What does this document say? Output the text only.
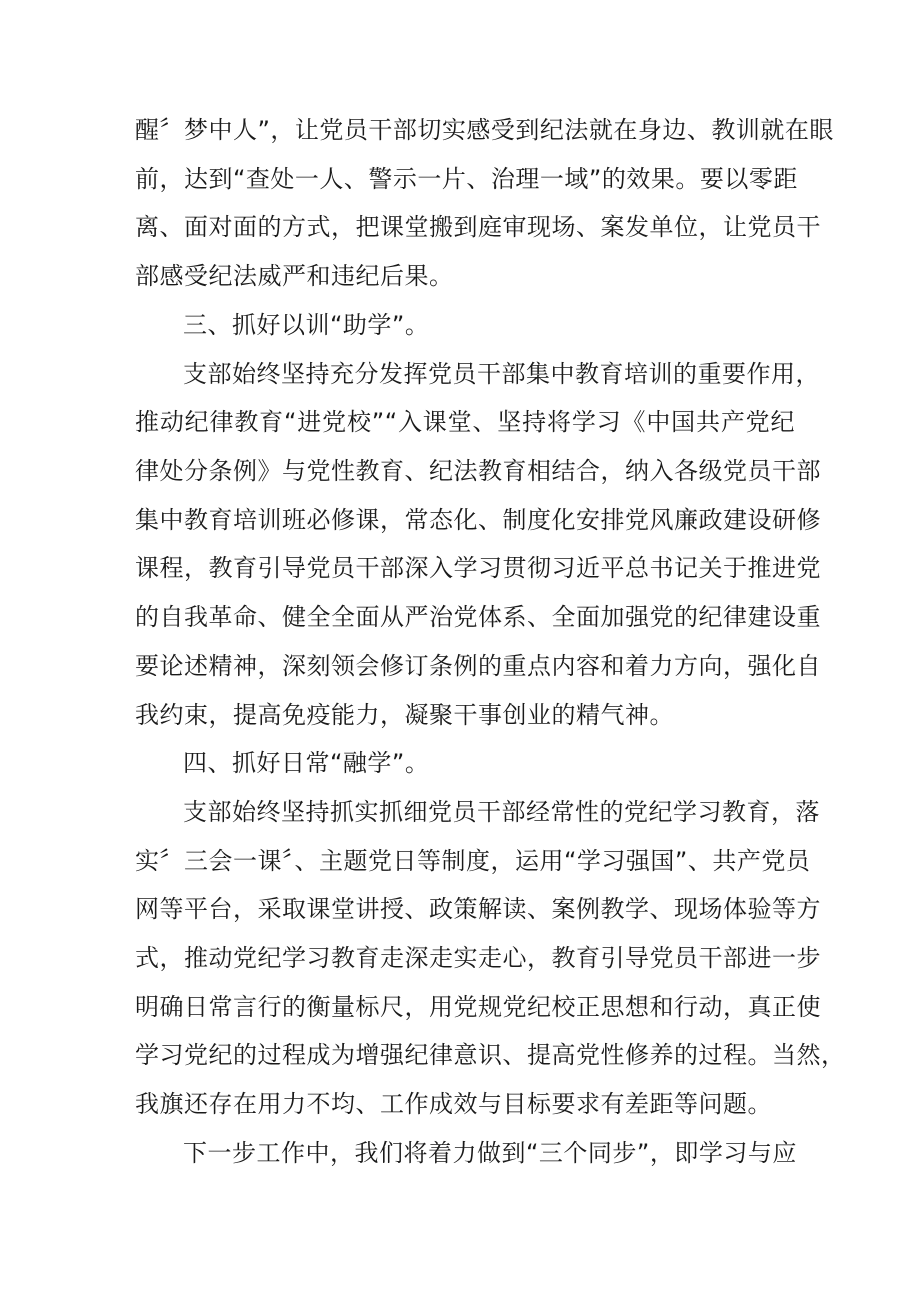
醒〞梦中人”，让党员干部切实感受到纪法就在身边、教训就在眼
前，达到“查处一人、警示一片、治理一域”的效果。要以零距
离、面对面的方式，把课堂搬到庭审现场、案发单位，让党员干
部感受纪法威严和违纪后果。
三、抓好以训“助学”。
支部始终坚持充分发挥党员干部集中教育培训的重要作用，
推动纪律教育“进党校”“入课堂、坚持将学习《中国共产党纪
律处分条例》与党性教育、纪法教育相结合，纳入各级党员干部
集中教育培训班必修课，常态化、制度化安排党风廉政建设研修
课程，教育引导党员干部深入学习贯彻习近平总书记关于推进党
的自我革命、健全全面从严治党体系、全面加强党的纪律建设重
要论述精神，深刻领会修订条例的重点内容和着力方向，强化自
我约束，提高免疫能力，凝聚干事创业的精气神。
四、抓好日常“融学”。
支部始终坚持抓实抓细党员干部经常性的党纪学习教育，落
实〞三会一课〞、主题党日等制度，运用“学习强国”、共产党员
网等平台，采取课堂讲授、政策解读、案例教学、现场体验等方
式，推动党纪学习教育走深走实走心，教育引导党员干部进一步
明确日常言行的衡量标尺，用党规党纪校正思想和行动，真正使
学习党纪的过程成为增强纪律意识、提高党性修养的过程。当然，
我旗还存在用力不均、工作成效与目标要求有差距等问题。
下一步工作中，我们将着力做到“三个同步”，即学习与应
